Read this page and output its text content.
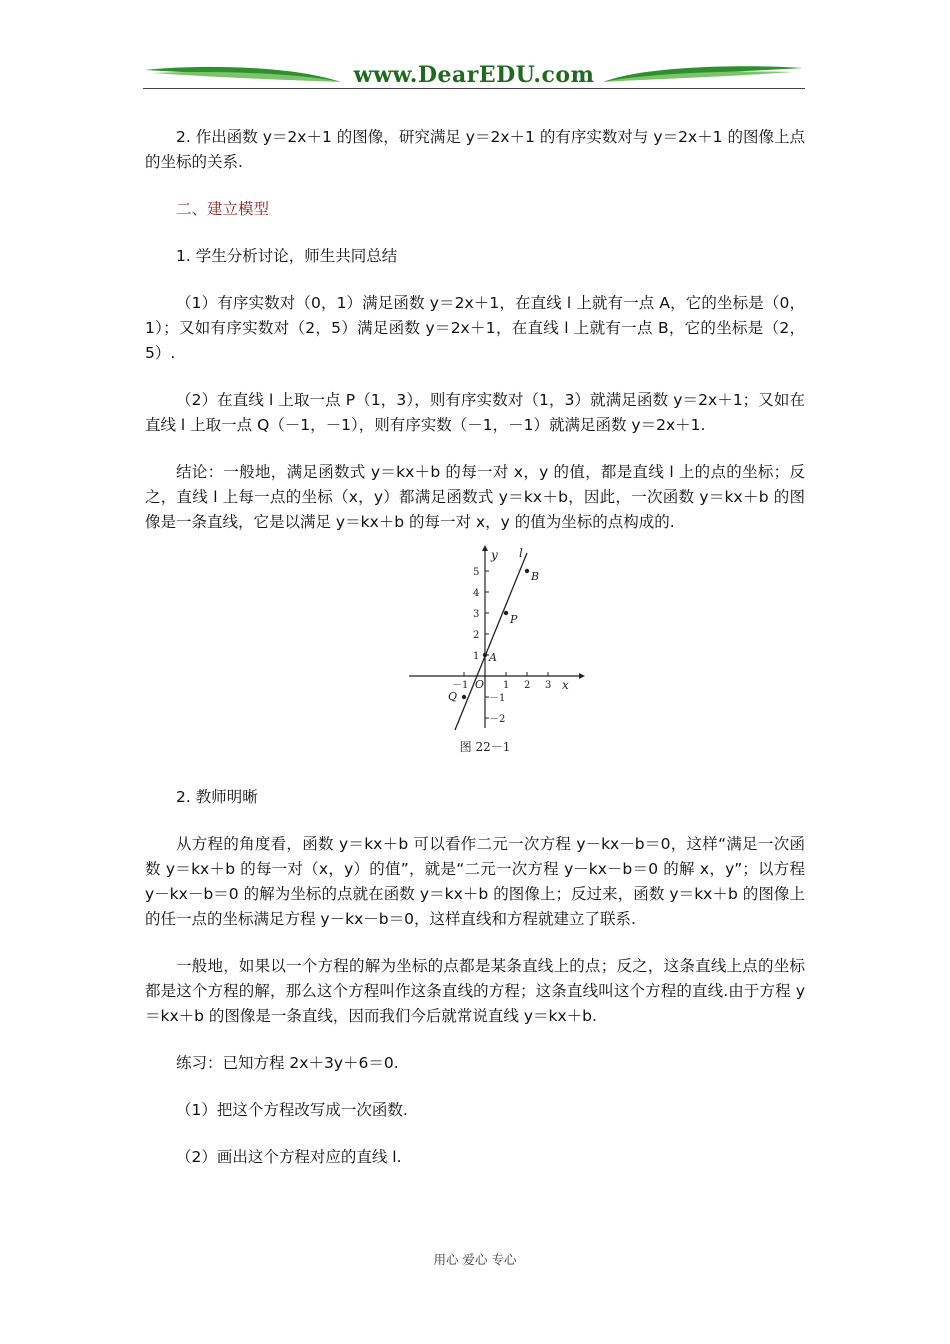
www.DearEDU.com

2. 作出函数 y＝2x＋1 的图像，研究满足 y＝2x＋1 的有序实数对与 y＝2x＋1 的图像上点的坐标的关系.

二、建立模型

1. 学生分析讨论，师生共同总结

（1）有序实数对（0，1）满足函数 y＝2x＋1，在直线 l 上就有一点 A，它的坐标是（0，1）；又如有序实数对（2，5）满足函数 y＝2x＋1，在直线 l 上就有一点 B，它的坐标是（2，5）.

（2）在直线 l 上取一点 P（1，3），则有序实数对（1，3）就满足函数 y＝2x＋1；又如在直线 l 上取一点 Q（－1，－1），则有序实数（－1，－1）就满足函数 y＝2x＋1.

结论：一般地，满足函数式 y＝kx＋b 的每一对 x，y 的值，都是直线 l 上的点的坐标；反之，直线 l 上每一点的坐标（x，y）都满足函数式 y＝kx＋b，因此，一次函数 y＝kx＋b 的图像是一条直线，它是以满足 y＝kx＋b 的每一对 x，y 的值为坐标的点构成的.

－1	1 2 3 x
5
4
3
2
1
－1
－2
y
O
l
A
P
B
Q
图 22－1

2. 教师明晰

从方程的角度看，函数 y＝kx＋b 可以看作二元一次方程 y－kx－b＝0，这样“满足一次函数 y＝kx＋b 的每一对（x，y）的值”，就是“二元一次方程 y－kx－b＝0 的解 x，y”；以方程 y－kx－b＝0 的解为坐标的点就在函数 y＝kx＋b 的图像上；反过来，函数 y＝kx＋b 的图像上的任一点的坐标满足方程 y－kx－b＝0，这样直线和方程就建立了联系.

一般地，如果以一个方程的解为坐标的点都是某条直线上的点；反之，这条直线上点的坐标都是这个方程的解，那么这个方程叫作这条直线的方程；这条直线叫这个方程的直线.由于方程 y＝kx＋b 的图像是一条直线，因而我们今后就常说直线 y＝kx＋b.

练习：已知方程 2x＋3y＋6＝0.

（1）把这个方程改写成一次函数.

（2）画出这个方程对应的直线 l.

用心 爱心 专心
